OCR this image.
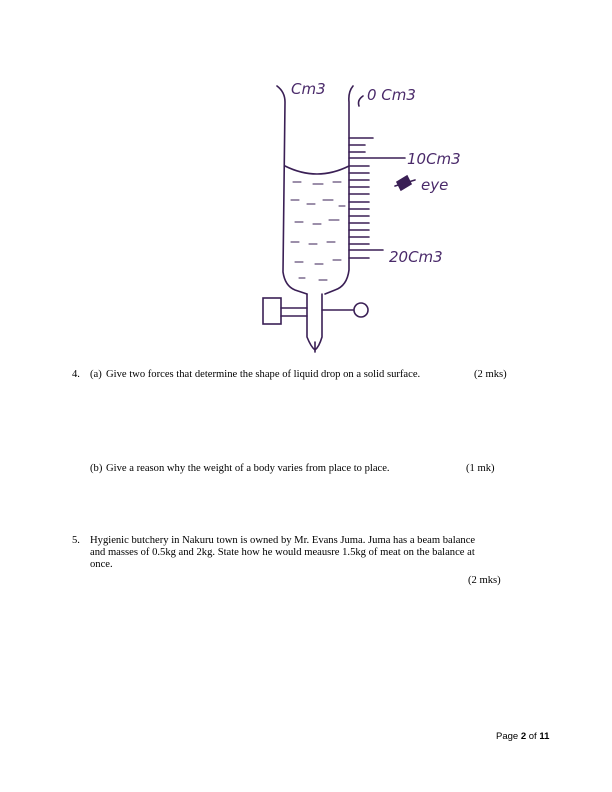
Cm3	0 Cm3
10Cm3
eye
20Cm3
4. (a) Give two forces that determine the shape of liquid drop on a solid surface.	(2 mks)
(b) Give a reason why the weight of a body varies from place to place.	(1 mk)
5. Hygienic butchery in Nakuru town is owned by Mr. Evans Juma. Juma has a beam balance
and masses of 0.5kg and 2kg. State how he would meausre 1.5kg of meat on the balance at
once.
(2 mks)
Page 2 of 11
